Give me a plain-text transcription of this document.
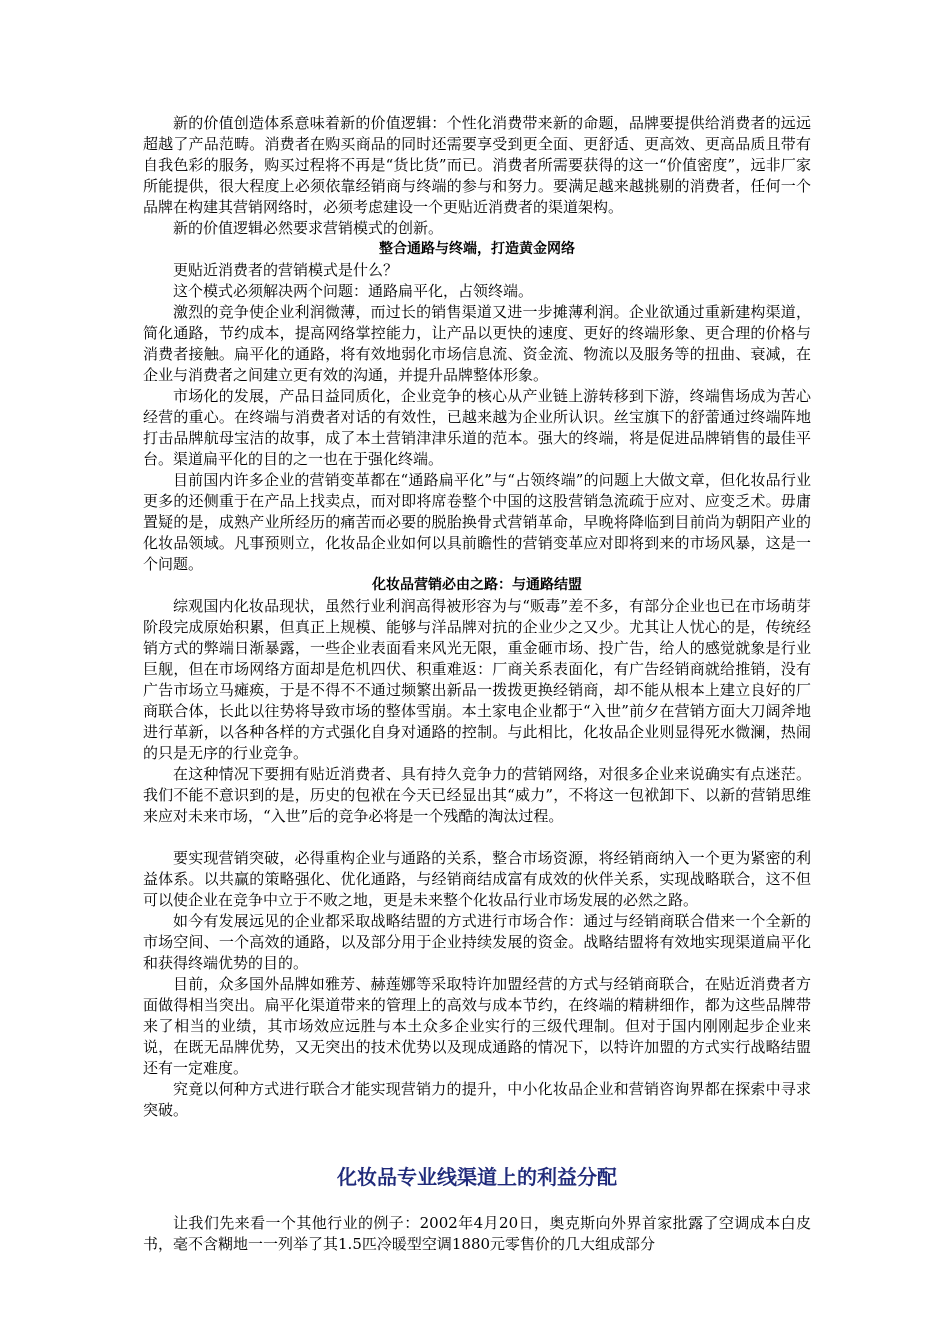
新的价值创造体系意味着新的价值逻辑：个性化消费带来新的命题，品牌要提供给消费者的远远超越了产品范畴。消费者在购买商品的同时还需要享受到更全面、更舒适、更高效、更高品质且带有自我色彩的服务，购买过程将不再是“货比货”而已。消费者所需要获得的这一“价值密度”，远非厂家所能提供，很大程度上必须依靠经销商与终端的参与和努力。要满足越来越挑剔的消费者，任何一个品牌在构建其营销网络时，必须考虑建设一个更贴近消费者的渠道架构。

新的价值逻辑必然要求营销模式的创新。

整合通路与终端，打造黄金网络

更贴近消费者的营销模式是什么？

这个模式必须解决两个问题：通路扁平化，占领终端。

激烈的竞争使企业利润微薄，而过长的销售渠道又进一步摊薄利润。企业欲通过重新建构渠道，简化通路，节约成本，提高网络掌控能力，让产品以更快的速度、更好的终端形象、更合理的价格与消费者接触。扁平化的通路，将有效地弱化市场信息流、资金流、物流以及服务等的扭曲、衰减，在企业与消费者之间建立更有效的沟通，并提升品牌整体形象。

市场化的发展，产品日益同质化，企业竞争的核心从产业链上游转移到下游，终端售场成为苦心经营的重心。在终端与消费者对话的有效性，已越来越为企业所认识。丝宝旗下的舒蕾通过终端阵地打击品牌航母宝洁的故事，成了本土营销津津乐道的范本。强大的终端，将是促进品牌销售的最佳平台。渠道扁平化的目的之一也在于强化终端。

目前国内许多企业的营销变革都在“通路扁平化”与“占领终端”的问题上大做文章，但化妆品行业更多的还侧重于在产品上找卖点，而对即将席卷整个中国的这股营销急流疏于应对、应变乏术。毋庸置疑的是，成熟产业所经历的痛苦而必要的脱胎换骨式营销革命，早晚将降临到目前尚为朝阳产业的化妆品领域。凡事预则立，化妆品企业如何以具前瞻性的营销变革应对即将到来的市场风暴，这是一个问题。

化妆品营销必由之路：与通路结盟

综观国内化妆品现状，虽然行业利润高得被形容为与“贩毒”差不多，有部分企业也已在市场萌芽阶段完成原始积累，但真正上规模、能够与洋品牌对抗的企业少之又少。尤其让人忧心的是，传统经销方式的弊端日渐暴露，一些企业表面看来风光无限，重金砸市场、投广告，给人的感觉就象是行业巨舰，但在市场网络方面却是危机四伏、积重难返：厂商关系表面化，有广告经销商就给推销，没有广告市场立马瘫痪，于是不得不不通过频繁出新品一拨拨更换经销商，却不能从根本上建立良好的厂商联合体，长此以往势将导致市场的整体雪崩。本土家电企业都于“入世”前夕在营销方面大刀阔斧地进行革新，以各种各样的方式强化自身对通路的控制。与此相比，化妆品企业则显得死水微澜，热闹的只是无序的行业竞争。

在这种情况下要拥有贴近消费者、具有持久竞争力的营销网络，对很多企业来说确实有点迷茫。我们不能不意识到的是，历史的包袱在今天已经显出其“威力”，不将这一包袱卸下、以新的营销思维来应对未来市场，“入世”后的竞争必将是一个残酷的淘汰过程。

要实现营销突破，必得重构企业与通路的关系，整合市场资源，将经销商纳入一个更为紧密的利益体系。以共赢的策略强化、优化通路，与经销商结成富有成效的伙伴关系，实现战略联合，这不但可以使企业在竞争中立于不败之地，更是未来整个化妆品行业市场发展的必然之路。

如今有发展远见的企业都采取战略结盟的方式进行市场合作：通过与经销商联合借来一个全新的市场空间、一个高效的通路，以及部分用于企业持续发展的资金。战略结盟将有效地实现渠道扁平化和获得终端优势的目的。

目前，众多国外品牌如雅芳、赫莲娜等采取特许加盟经营的方式与经销商联合，在贴近消费者方面做得相当突出。扁平化渠道带来的管理上的高效与成本节约，在终端的精耕细作，都为这些品牌带来了相当的业绩，其市场效应远胜与本土众多企业实行的三级代理制。但对于国内刚刚起步企业来说，在既无品牌优势，又无突出的技术优势以及现成通路的情况下，以特许加盟的方式实行战略结盟还有一定难度。

究竟以何种方式进行联合才能实现营销力的提升，中小化妆品企业和营销咨询界都在探索中寻求突破。

化妆品专业线渠道上的利益分配

让我们先来看一个其他行业的例子：2002年4月20日，奥克斯向外界首家批露了空调成本白皮书，毫不含糊地一一列举了其1.5匹冷暖型空调1880元零售价的几大组成部分
